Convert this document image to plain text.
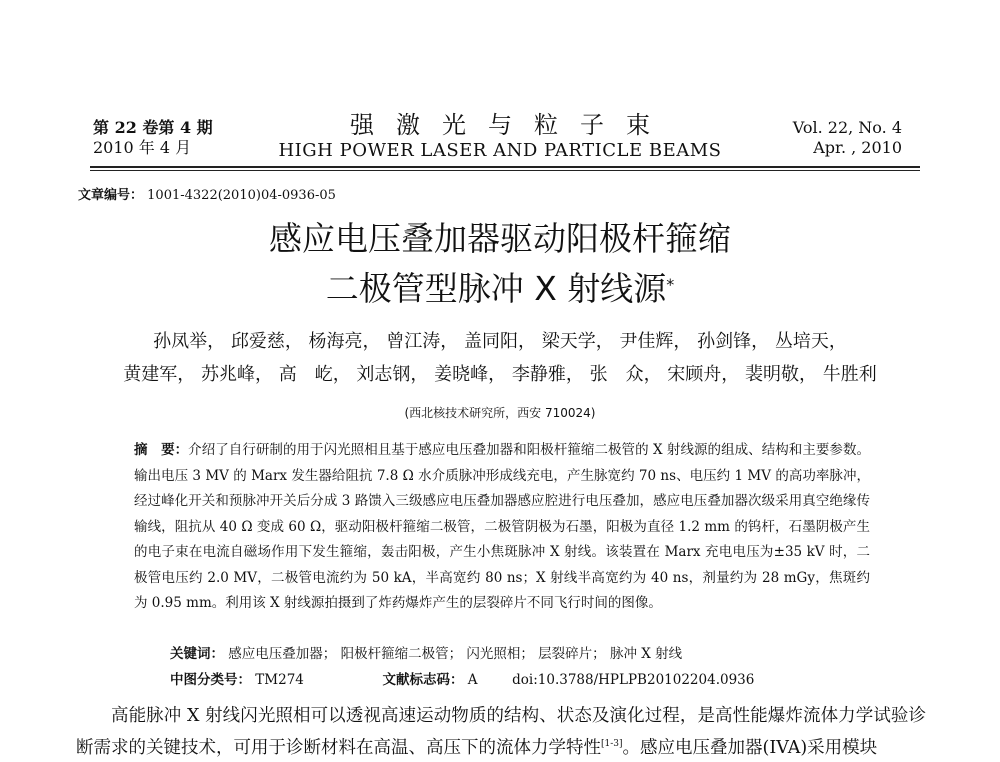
第 22 卷第 4 期
2010 年 4 月
强激光与粒子束
HIGH POWER LASER AND PARTICLE BEAMS
Vol. 22, No. 4
Apr. , 2010
文章编号： 1001-4322(2010)04-0936-05
感应电压叠加器驱动阳极杆箍缩
二极管型脉冲 X 射线源*
孙凤举， 邱爱慈， 杨海亮， 曾江涛， 盖同阳， 梁天学， 尹佳辉， 孙剑锋， 丛培天，
黄建军， 苏兆峰， 高　屹， 刘志钢， 姜晓峰， 李静雅， 张　众， 宋顾舟， 裴明敬， 牛胜利
(西北核技术研究所，西安 710024)
摘　要：介绍了自行研制的用于闪光照相且基于感应电压叠加器和阳极杆箍缩二极管的 X 射线源的组成、结构和主要参数。输出电压 3 MV 的 Marx 发生器给阻抗 7.8 Ω 水介质脉冲形成线充电，产生脉宽约 70 ns、电压约 1 MV 的高功率脉冲，经过峰化开关和预脉冲开关后分成 3 路馈入三级感应电压叠加器感应腔进行电压叠加，感应电压叠加器次级采用真空绝缘传输线，阻抗从 40 Ω 变成 60 Ω，驱动阳极杆箍缩二极管，二极管阴极为石墨，阳极为直径 1.2 mm 的钨杆，石墨阴极产生的电子束在电流自磁场作用下发生箍缩，轰击阳极，产生小焦斑脉冲 X 射线。该装置在 Marx 充电电压为±35 kV 时，二极管电压约 2.0 MV，二极管电流约为 50 kA，半高宽约 80 ns；X 射线半高宽约为 40 ns，剂量约为 28 mGy，焦斑约为 0.95 mm。利用该 X 射线源拍摄到了炸药爆炸产生的层裂碎片不同飞行时间的图像。
关键词： 感应电压叠加器； 阳极杆箍缩二极管； 闪光照相； 层裂碎片； 脉冲 X 射线
中图分类号： TM274	文献标志码： A	doi:10.3788/HPLPB20102204.0936
高能脉冲 X 射线闪光照相可以透视高速运动物质的结构、状态及演化过程，是高性能爆炸流体力学试验诊断需求的关键技术，可用于诊断材料在高温、高压下的流体力学特性[1-3]。感应电压叠加器(IVA)采用模块
